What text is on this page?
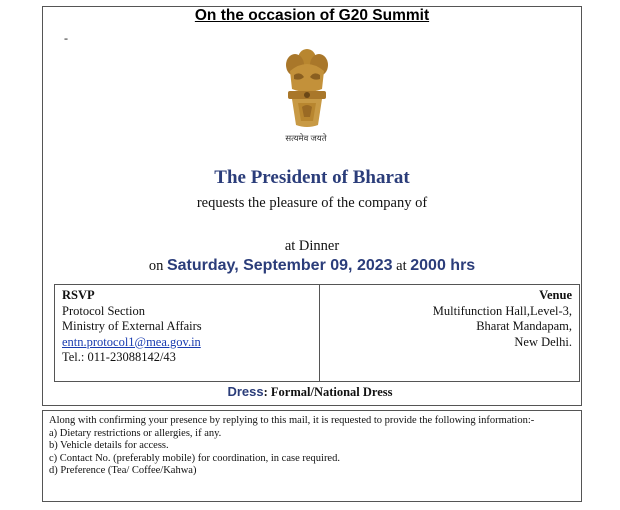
On the occasion of G20 Summit
-
सत्यमेव जयते
The President of Bharat
requests the pleasure of the company of
at Dinner
on Saturday, September 09, 2023 at 2000 hrs
RSVP
Protocol Section
Ministry of External Affairs
entn.protocol1@mea.gov.in
Tel.: 011-23088142/43
Venue
Multifunction Hall,Level-3,
Bharat Mandapam,
New Delhi.
Dress: Formal/National Dress
Along with confirming your presence by replying to this mail, it is requested to provide the following information:-
a) Dietary restrictions or allergies, if any.
b) Vehicle details for access.
c) Contact No. (preferably mobile) for coordination, in case required.
d) Preference (Tea/ Coffee/Kahwa)
